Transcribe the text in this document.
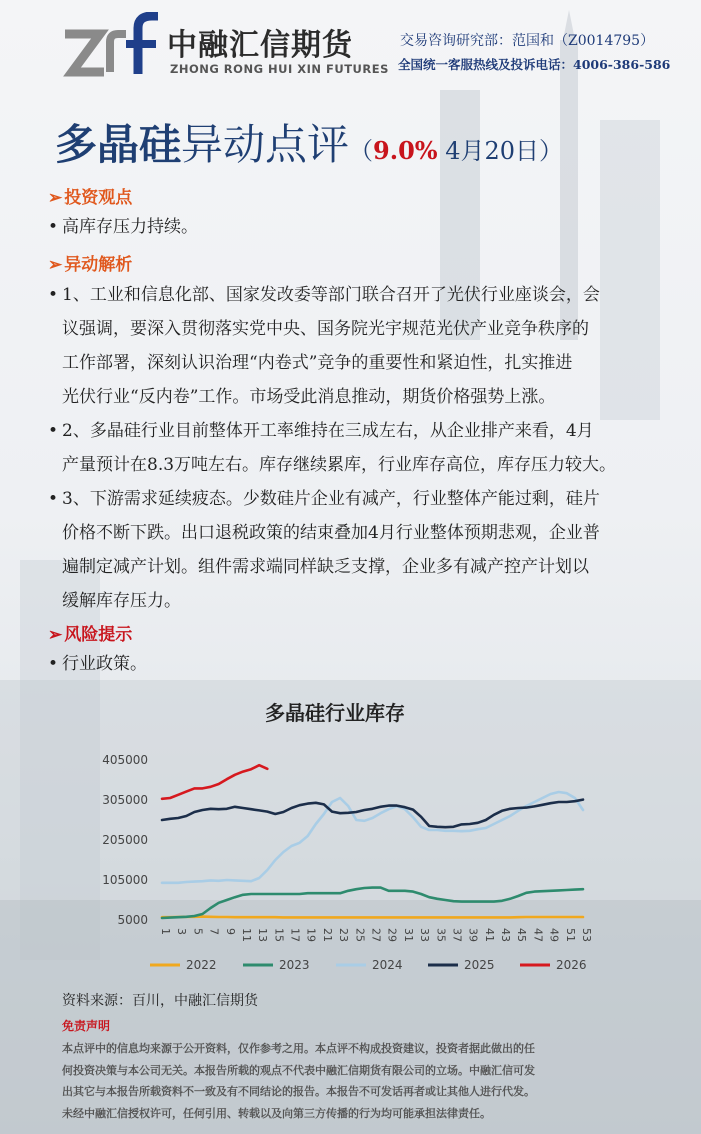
中融汇信期货
ZHONG RONG HUI XIN FUTURES
交易咨询研究部：范国和（Z0014795）
全国统一客服热线及投诉电话：4006-386-586
多晶硅异动点评（9.0% 4月20日）
➢ 投资观点
• 高库存压力持续。
➢ 异动解析
• 1、工业和信息化部、国家发改委等部门联合召开了光伏行业座谈会，会
议强调，要深入贯彻落实党中央、国务院光宇规范光伏产业竞争秩序的
工作部署，深刻认识治理“内卷式”竞争的重要性和紧迫性，扎实推进
光伏行业“反内卷”工作。市场受此消息推动，期货价格强势上涨。
• 2、多晶硅行业目前整体开工率维持在三成左右，从企业排产来看，4月
产量预计在8.3万吨左右。库存继续累库，行业库存高位，库存压力较大。
• 3、下游需求延续疲态。少数硅片企业有减产，行业整体产能过剩，硅片
价格不断下跌。出口退税政策的结束叠加4月行业整体预期悲观，企业普
遍制定减产计划。组件需求端同样缺乏支撑，企业多有减产控产计划以
缓解库存压力。
➢ 风险提示
• 行业政策。
多晶硅行业库存
5000
105000
205000
305000
405000
1 3 5 7 9 11 13 15 17 19 21 23 25 27 29 31 33 35 37 39 41 43 45 47 49 51 53
2022	2023	2024	2025	2026
资料来源：百川，中融汇信期货
免责声明
本点评中的信息均来源于公开资料，仅作参考之用。本点评不构成投资建议，投资者据此做出的任
何投资决策与本公司无关。本报告所载的观点不代表中融汇信期货有限公司的立场。中融汇信可发
出其它与本报告所载资料不一致及有不同结论的报告。本报告不可发话再者或让其他人进行代发。
未经中融汇信授权许可，任何引用、转载以及向第三方传播的行为均可能承担法律责任。
